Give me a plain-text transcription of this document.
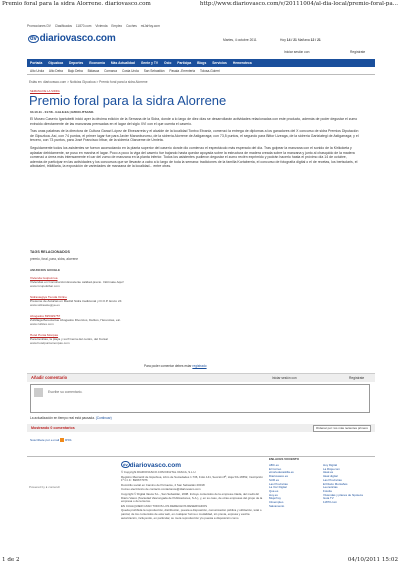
Premio foral para la sidra Alorrene. diariovasco.com	http://www.diariovasco.com/v/20111004/al-dia-local/premio-foral-pa...
Promociones DV Clasificados 11870.com Vivienda Empleo Coches miJaHoy.com
dv diariovasco.com	Martes, 4 octubre 2011	Hoy 14 / 21 Mañana 12 / 21
Iniciar sesión con	Regístrate
Portada Gipuzkoa Deportes Economía Más Actualidad Gente y TV Ocio Participa Blogs Servicios Hemeroteca
Alto Urola Alto Deba Bajo Deba Bidasoa Comarca Costa Urola San Sebastián Pasaia -Errenteria Tolosa-Goierri
Estás en: diariovasco.com > Noticias Gipuzkoa > Premio foral para la sidra Alorrene
SEMANA DE LA SIDRA
Premio foral para la sidra Alorrene
04.10.11 - 01:58 - GALILEA | EZKIO-ITSASO.

El Museo Caserío Igartubeiti inició ayer la décima edición de la Semana de la Sidra, donde a lo largo de diez días se desarrollarán actividades relacionadas con este producto, además de poder degustar el zumo extraído directamente de las manzanas prensadas en el lagar del siglo XVI con el que cuenta el caserío.

Tras unas palabras de la directora de Cultura Garazi López de Etxezarreta y el alcalde de la localidad Tontxo Etxaniz, comenzó la entrega de diplomas a los ganadores del X concurso de sidra Premios Diputación de Gipuzkoa. Así, con 74 puntos, el primer lugar fue para Javier Maranburumu, de la sidrería Alorrene de Astigarraga; con 73,5 puntos, el segundo para Bittor Lizeaga, de la sidrería Gartziategi de Astigarraga; y el tercero, con 73 puntos, para José Francisco Iribar, de la sidrería Oiarueme de Urnieta.

Seguidamente todos los asistentes se fueron acomodando en la planta superior del caserío donde dio comienzo el espectáculo más esperado del día. Tras golpear la manzana con el sonido de la Kirikoketa y aplastar debidamente, se puso en marcha el lagar. Poco a poco la viga del caserío fue bajando hasta quedar apoyada sobre la estructura de madera creada sobre la manzana y junto al chasquido de la madera comenzó a úrrea más intensamente el car del zumo de manzana en la planta inferior. Todos los asistentes pudieron degustar el zumo recién exprimido y podrán hacerlo hasta el próximo día 14 de octubre, además de participar en las actividades y los concursos que se llevarán a cabo a lo largo de toda la semana: tradiciones de la familia Kortaberria, el concurso de fotografía digital o el de recetas, los bertsolaris, el albokaleri, trikitilaria, la exposición de variedades de manzana de la localidad... entre otras.

TAGS RELACIONADOS
premio, foral, para, sidra, alorrene
ANUNCIOS GOOGLE
Vivienda Guipuzcoa
Viviendas en Construcción.Excelente calidad-precio. Infórmate Aquí!
www.GrupoEibar.com
Sidrastegiya Tienda Online
Presume de Asturias en Madrid Sidra tradicional y D.O.P. Envío 24
www.sidraastegiya.es
Abogados 695329757
Zubillaga Bereciartue Abogados Divorcios, Delitos, Herencias, etc.
www.zubiles.com
Hotel Punta Monpas
Para familias, la playa y surf Cerca del centro, del Kursal
www.hotelpuntamonpas.com
Para poder comentar debes estar registrado
Añadir comentario	Iniciar sesión con	Regístrate
Escribe su comentario.
La actualización en tiempo real está pausada. (Continuar)
Mostrando 0 comentarios	Ordenar por: los más recientes primero
Suscribete por e-mail RSS
Powered by ● contendr
dv diariovasco.com

© Copyright DIARIOVASCO.COM DIGITAL VASCA, S.L.U.

Registro Mercantil de Gipuzkoa, Libro de Sociedades 1.736, Folio 141, Sección 8ª, Hoja SS-16552, Inscripción 1ª C.I.F.: B20677076

Domicilio social en Camino de Portuetxe, 2 San Sebastián 20018

Correo electrónico de contacto contactanos@diariovasco.com

Copyright © Digital Vasca S.L., San Sebastián, 2008. Incluye contenidos de la empresa citada, del medio El Diario Vasco (Sociedad Vascongada de Publicaciones, S.A.), y, en su caso, de otras empresas del grupo de la empresa o de terceros.

EN CUALQUIER CASO TODOS LOS DERECHOS RESERVADOS

Queda prohibida la reproducción, distribución, puesta a disposición, comunicación pública y utilización, total o parcial, de los contenidos de esta web, en cualquier forma o modalidad, sin previa, expresa y escrita autorización, incluyendo, en particular, su mera reproducción y/o puesta a disposición como

ENLACES VOCENTO
ABC.es
El Correo
elnortedecastilla.es
Diariovasco.es
SUR.es
Las Provincias
La Voz Digital
Qué.es
Hoy.es
Mujerhoy
Infoempleo
Salvamento
Hoy Digital
La Rioja.com
Ideal.es
Ideal digital
Las Provincias
El Diario Montañés
Leonoticias
Fotolia
Viviendas y planes de hipoteca
Guía TV
11870.com
1 de 2	04/10/2011 15:02
